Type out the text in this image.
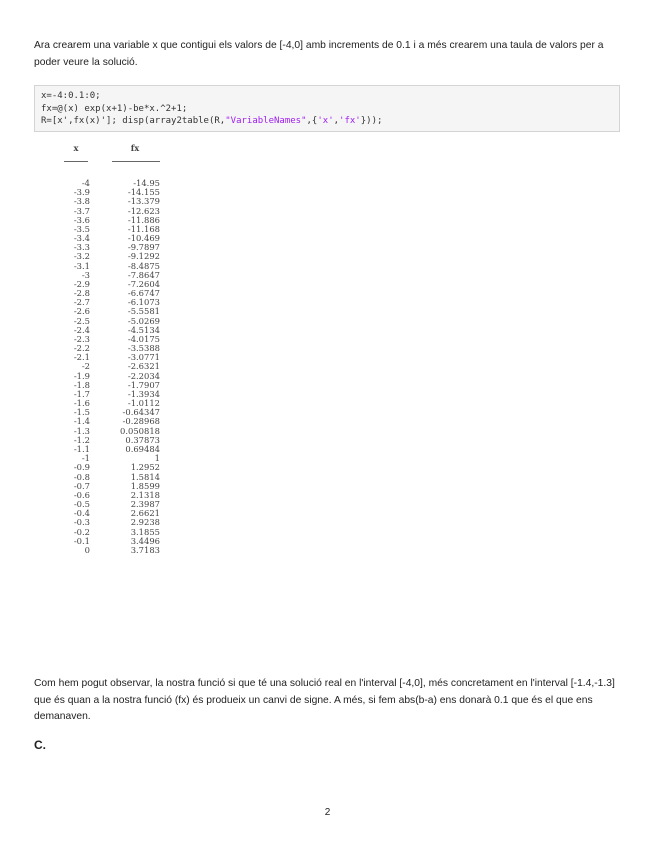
Ara crearem una variable x que contigui els valors de [-4,0] amb increments de 0.1 i a més crearem una taula de valors per a poder veure la solució.

x=-4:0.1:0;
fx=@(x) exp(x+1)-be*x.^2+1;
R=[x',fx(x)']; disp(array2table(R,"VariableNames",{'x','fx'}));
x	fx
-4	-14.95
-3.9	-14.155
-3.8	-13.379
-3.7	-12.623
-3.6	-11.886
-3.5	-11.168
-3.4	-10.469
-3.3	-9.7897
-3.2	-9.1292
-3.1	-8.4875
-3	-7.8647
-2.9	-7.2604
-2.8	-6.6747
-2.7	-6.1073
-2.6	-5.5581
-2.5	-5.0269
-2.4	-4.5134
-2.3	-4.0175
-2.2	-3.5388
-2.1	-3.0771
-2	-2.6321
-1.9	-2.2034
-1.8	-1.7907
-1.7	-1.3934
-1.6	-1.0112
-1.5	-0.64347
-1.4	-0.28968
-1.3	0.050818
-1.2	0.37873
-1.1	0.69484
-1	1
-0.9	1.2952
-0.8	1.5814
-0.7	1.8599
-0.6	2.1318
-0.5	2.3987
-0.4	2.6621
-0.3	2.9238
-0.2	3.1855
-0.1	3.4496
0	3.7183

Com hem pogut observar, la nostra funció si que té una solució real en l'interval [-4,0], més concretament en l'interval [-1.4,-1.3] que és quan a la nostra funció (fx) és produeix un canvi de signe. A més, si fem abs(b-a) ens donarà 0.1 que és el que ens demanaven.

C.

2
